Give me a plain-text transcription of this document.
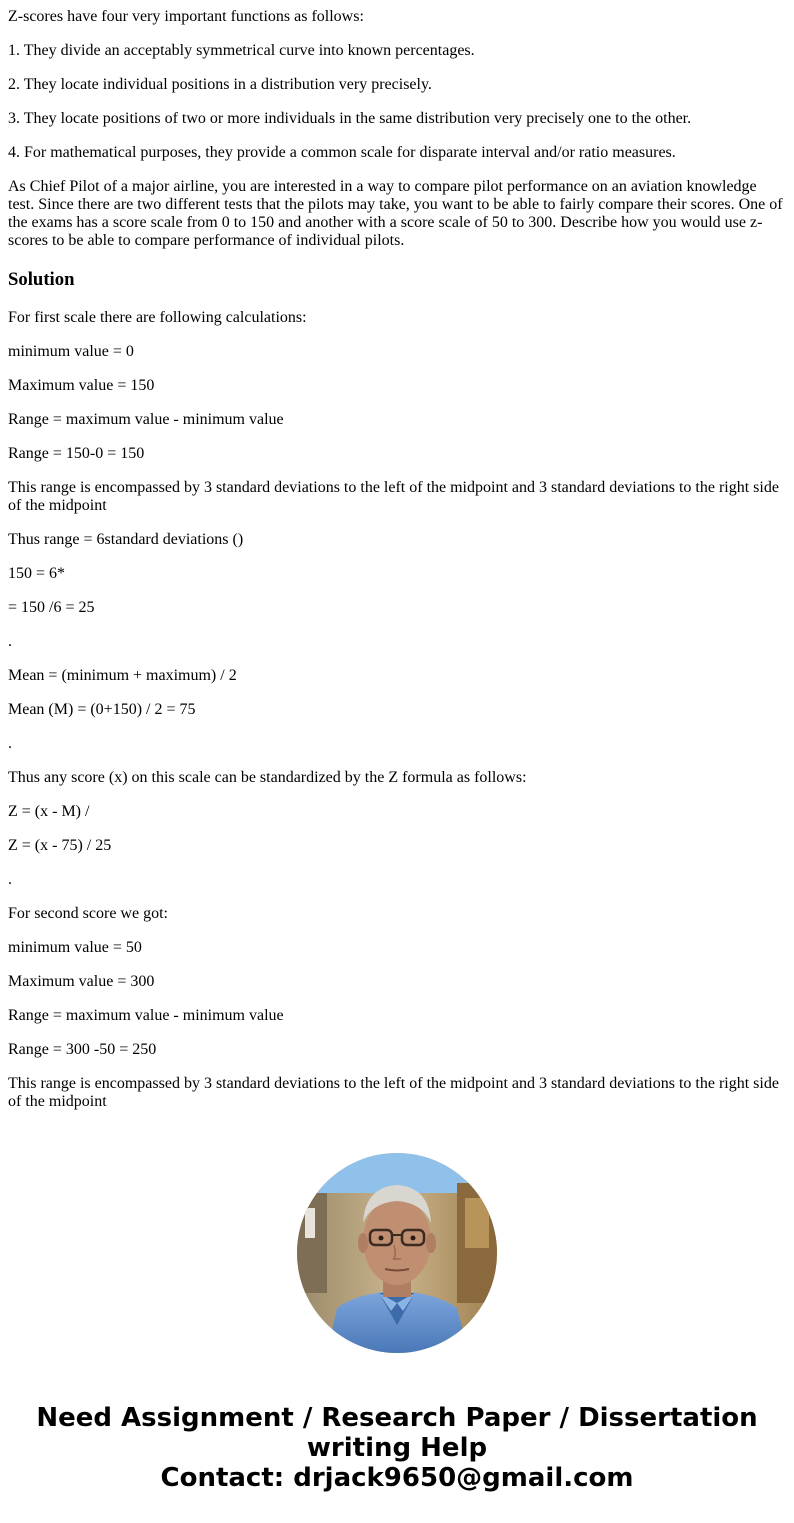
Z-scores have four very important functions as follows:

1. They divide an acceptably symmetrical curve into known percentages.

2. They locate individual positions in a distribution very precisely.

3. They locate positions of two or more individuals in the same distribution very precisely one to the other.

4. For mathematical purposes, they provide a common scale for disparate interval and/or ratio measures.

As Chief Pilot of a major airline, you are interested in a way to compare pilot performance on an aviation knowledge test. Since there are two different tests that the pilots may take, you want to be able to fairly compare their scores. One of the exams has a score scale from 0 to 150 and another with a score scale of 50 to 300. Describe how you would use z-scores to be able to compare performance of individual pilots.

Solution

For first scale there are following calculations:

minimum value = 0

Maximum value = 150

Range = maximum value - minimum value

Range = 150-0 = 150

This range is encompassed by 3 standard deviations to the left of the midpoint and 3 standard deviations to the right side of the midpoint

Thus range = 6standard deviations ()

150 = 6*

= 150 /6 = 25

.

Mean = (minimum + maximum) / 2

Mean (M) = (0+150) / 2 = 75

.

Thus any score (x) on this scale can be standardized by the Z formula as follows:

Z = (x - M) /

Z = (x - 75) / 25

.

For second score we got:

minimum value = 50

Maximum value = 300

Range = maximum value - minimum value

Range = 300 -50 = 250

This range is encompassed by 3 standard deviations to the left of the midpoint and 3 standard deviations to the right side of the midpoint

Need Assignment / Research Paper / Dissertation
writing Help
Contact: drjack9650@gmail.com
